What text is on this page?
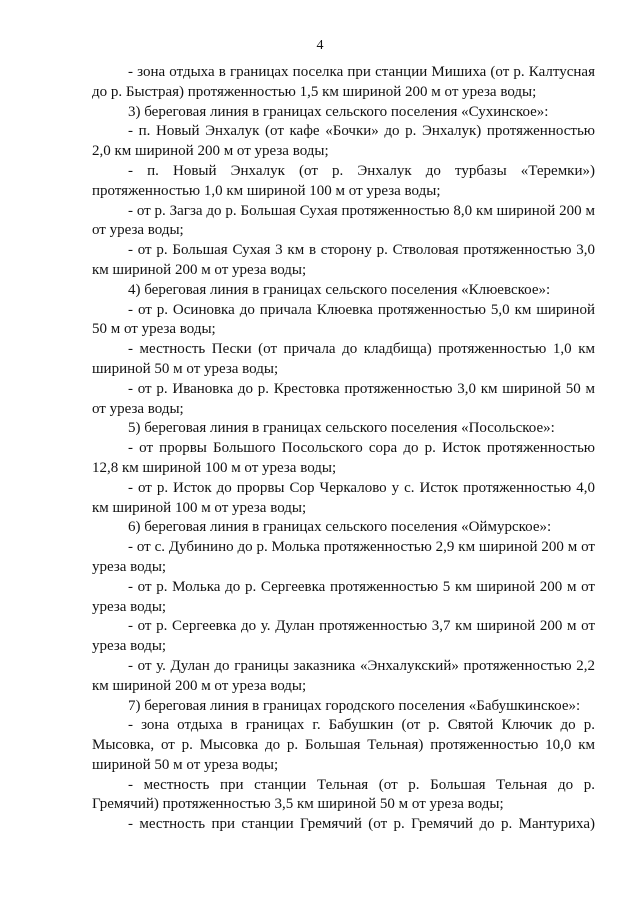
4

- зона отдыха в границах поселка при станции Мишиха (от р. Калтусная до р. Быстрая) протяженностью 1,5 км шириной 200 м от уреза воды;

3) береговая линия в границах сельского поселения «Сухинское»:

- п. Новый Энхалук (от кафе «Бочки» до р. Энхалук) протяженностью 2,0 км шириной 200 м от уреза воды;

- п. Новый Энхалук (от р. Энхалук до турбазы «Теремки») протяженностью 1,0 км шириной 100 м от уреза воды;

- от р. Загза до р. Большая Сухая протяженностью 8,0 км шириной 200 м от уреза воды;

- от р. Большая Сухая 3 км в сторону р. Стволовая протяженностью 3,0 км шириной 200 м от уреза воды;

4) береговая линия в границах сельского поселения «Клюевское»:

- от р. Осиновка до причала Клюевка протяженностью 5,0 км шириной 50 м от уреза воды;

- местность Пески (от причала до кладбища) протяженностью 1,0 км шириной 50 м от уреза воды;

- от р. Ивановка до р. Крестовка протяженностью 3,0 км шириной 50 м от уреза воды;

5) береговая линия в границах сельского поселения «Посольское»:

- от прорвы Большого Посольского сора до р. Исток протяженностью 12,8 км шириной 100 м от уреза воды;

- от р. Исток до прорвы Сор Черкалово у с. Исток протяженностью 4,0 км шириной 100 м от уреза воды;

6) береговая линия в границах сельского поселения «Оймурское»:

- от с. Дубинино до р. Молька протяженностью 2,9 км шириной 200 м от уреза воды;

- от р. Молька до р. Сергеевка протяженностью 5 км шириной 200 м от уреза воды;

- от р. Сергеевка до у. Дулан протяженностью 3,7 км шириной 200 м от уреза воды;

- от у. Дулан до границы заказника «Энхалукский» протяженностью 2,2 км шириной 200 м от уреза воды;

7) береговая линия в границах городского поселения «Бабушкинское»:

- зона отдыха в границах г. Бабушкин (от р. Святой Ключик до р. Мысовка, от р. Мысовка до р. Большая Тельная) протяженностью 10,0 км шириной 50 м от уреза воды;

- местность при станции Тельная (от р. Большая Тельная до р. Гремячий) протяженностью 3,5 км шириной 50 м от уреза воды;

- местность при станции Гремячий (от р. Гремячий до р. Мантуриха)
